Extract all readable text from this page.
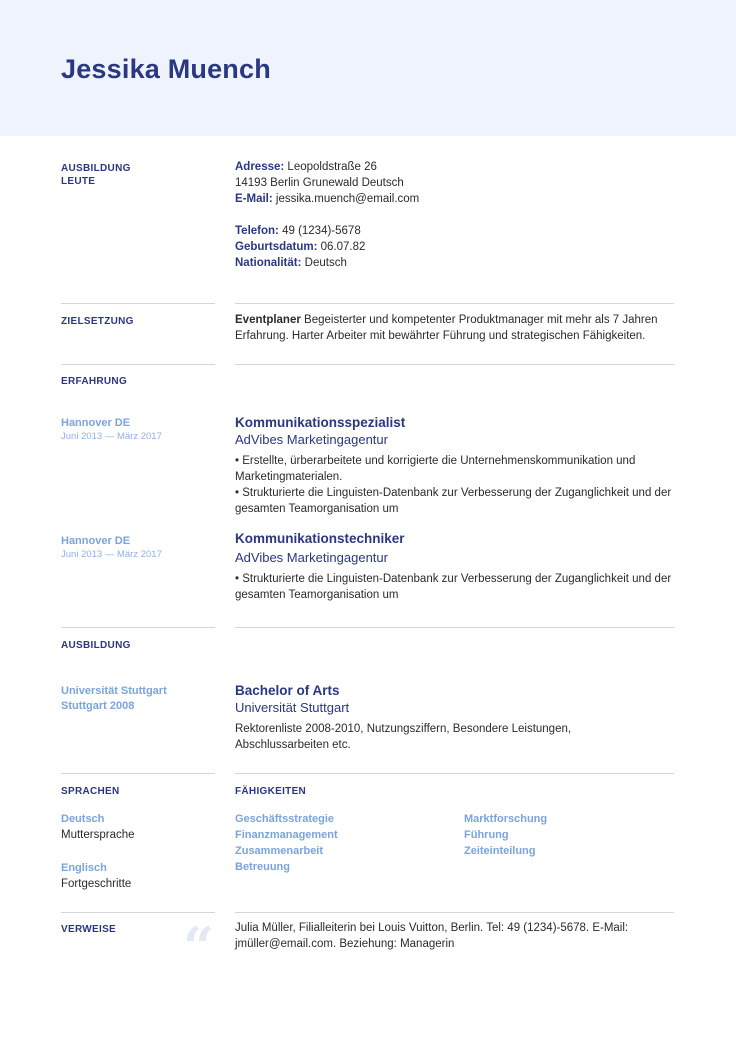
Jessika Muench
AUSBILDUNG
LEUTE
Adresse: Leopoldstraße 26
14193 Berlin Grunewald Deutsch
E-Mail: jessika.muench@email.com
Telefon: 49 (1234)-5678
Geburtsdatum: 06.07.82
Nationalität: Deutsch
ZIELSETZUNG	Eventplaner Begeisterter und kompetenter Produktmanager mit mehr als 7 Jahren Erfahrung. Harter Arbeiter mit bewährter Führung und strategischen Fähigkeiten.
ERFAHRUNG
Hannover DE
Juni 2013 — März 2017
Kommunikationsspezialist
AdVibes Marketingagentur
• Erstellte, ürberarbeitete und korrigierte die Unternehmenskommunikation und Marketingmaterialen.
• Strukturierte die Linguisten-Datenbank zur Verbesserung der Zuganglichkeit und der gesamten Teamorganisation um
Hannover DE
Juni 2013 — März 2017
Kommunikationstechniker
AdVibes Marketingagentur
• Strukturierte die Linguisten-Datenbank zur Verbesserung der Zuganglichkeit und der gesamten Teamorganisation um
AUSBILDUNG
Universität Stuttgart
Stuttgart 2008
Bachelor of Arts
Universität Stuttgart
Rektorenliste 2008-2010, Nutzungsziffern, Besondere Leistungen, Abschlussarbeiten etc.
SPRACHEN	FÄHIGKEITEN
Deutsch
Muttersprache
Englisch
Fortgeschritte
Geschäftsstrategie
Finanzmanagement
Zusammenarbeit
Betreuung
Marktforschung
Führung
Zeiteinteilung
VERWEISE “ Julia Müller, Filialleiterin bei Louis Vuitton, Berlin. Tel: 49 (1234)-5678. E-Mail: jmüller@email.com. Beziehung: Managerin
